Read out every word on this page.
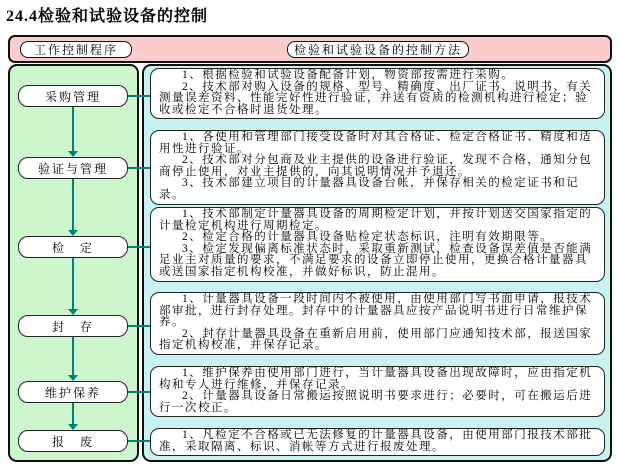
24.4检验和试验设备的控制
工作控制程序	检验和试验设备的控制方法
采购管理
验证与管理
检　定
封　存
维护保养
报　废

1、根据检验和试验设备配备计划，物资部按需进行采购。

2、技术部对购入设备的规格、型号、精确度、出厂证书、说明书、有关测量误差资料、性能完好性进行验证，并送有资质的检测机构进行检定；验收或检定不合格时退货处理。

1、各使用和管理部门接受设备时对其合格证、检定合格证书、精度和适用性进行验证。

2、技术部对分包商及业主提供的设备进行验证，发现不合格，通知分包商停止使用，对业主提供的，向其说明情况并予退还。

3、技术部建立项目的计量器具设备台帐，并保存相关的检定证书和记录。

1、技术部制定计量器具设备的周期检定计划，并按计划送交国家指定的计量检定机构进行周期检定。

2、检定合格的计量器具设备贴检定状态标识，注明有效期限等。

3、检定发现偏离标准状态时，采取重新测试，检查设备误差值是否能满足业主对质量的要求，不满足要求的设备立即停止使用，更换合格计量器具或送国家指定机构校准，并做好标识，防止混用。

1、计量器具设备一段时间内不被使用，由使用部门写书面申请，报技术部审批，进行封存处理。封存中的计量器具应按产品说明书进行日常维护保养。

2、封存计量器具设备在重新启用前，使用部门应通知技术部，报送国家指定机构校准，并保存记录。

1、维护保养由使用部门进行，当计量器具设备出现故障时，应由指定机构和专人进行维修，并保存记录。

2、计量器具设备日常搬运按照说明书要求进行；必要时，可在搬运后进行一次校正。

1、凡检定不合格或已无法修复的计量器具设备，由使用部门报技术部批准，采取隔离、标识、消帐等方式进行报废处理。
